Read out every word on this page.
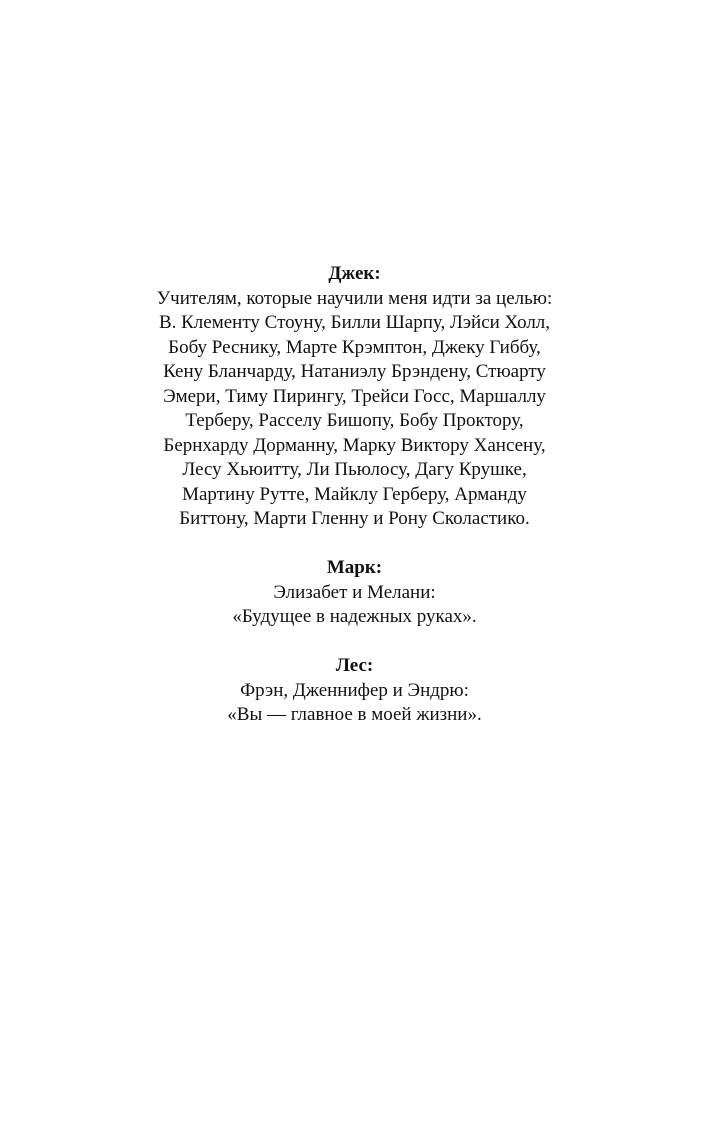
Джек:
Учителям, которые научили меня идти за целью:
В. Клементу Стоуну, Билли Шарпу, Лэйси Холл,
Бобу Реснику, Марте Крэмптон, Джеку Гиббу,
Кену Бланчарду, Натаниэлу Брэндену, Стюарту
Эмери, Тиму Пирингу, Трейси Госс, Маршаллу
Терберу, Расселу Бишопу, Бобу Проктору,
Бернхарду Дорманну, Марку Виктору Хансену,
Лесу Хьюитту, Ли Пьюлосу, Дагу Крушке,
Мартину Рутте, Майклу Герберу, Арманду
Биттону, Марти Гленну и Рону Сколастико.
Марк:
Элизабет и Мелани:
«Будущее в надежных руках».
Лес:
Фрэн, Дженнифер и Эндрю:
«Вы — главное в моей жизни».
